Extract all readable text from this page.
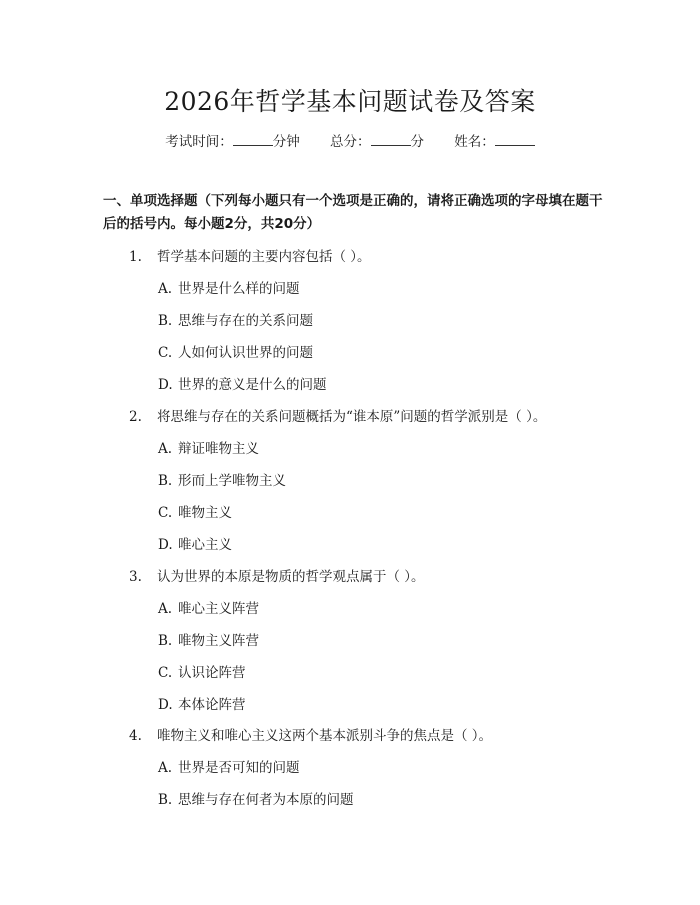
2026年哲学基本问题试卷及答案
考试时间：	分钟 总分：	分 姓名：

一、单项选择题（下列每小题只有一个选项是正确的，请将正确选项的字母填在题干后的括号内。每小题2分，共20分）

1. 哲学基本问题的主要内容包括（ ）。
A. 世界是什么样的问题
B. 思维与存在的关系问题
C. 人如何认识世界的问题
D. 世界的意义是什么的问题
2. 将思维与存在的关系问题概括为“谁本原”问题的哲学派别是（ ）。
A. 辩证唯物主义
B. 形而上学唯物主义
C. 唯物主义
D. 唯心主义
3. 认为世界的本原是物质的哲学观点属于（ ）。
A. 唯心主义阵营
B. 唯物主义阵营
C. 认识论阵营
D. 本体论阵营
4. 唯物主义和唯心主义这两个基本派别斗争的焦点是（ ）。
A. 世界是否可知的问题
B. 思维与存在何者为本原的问题
